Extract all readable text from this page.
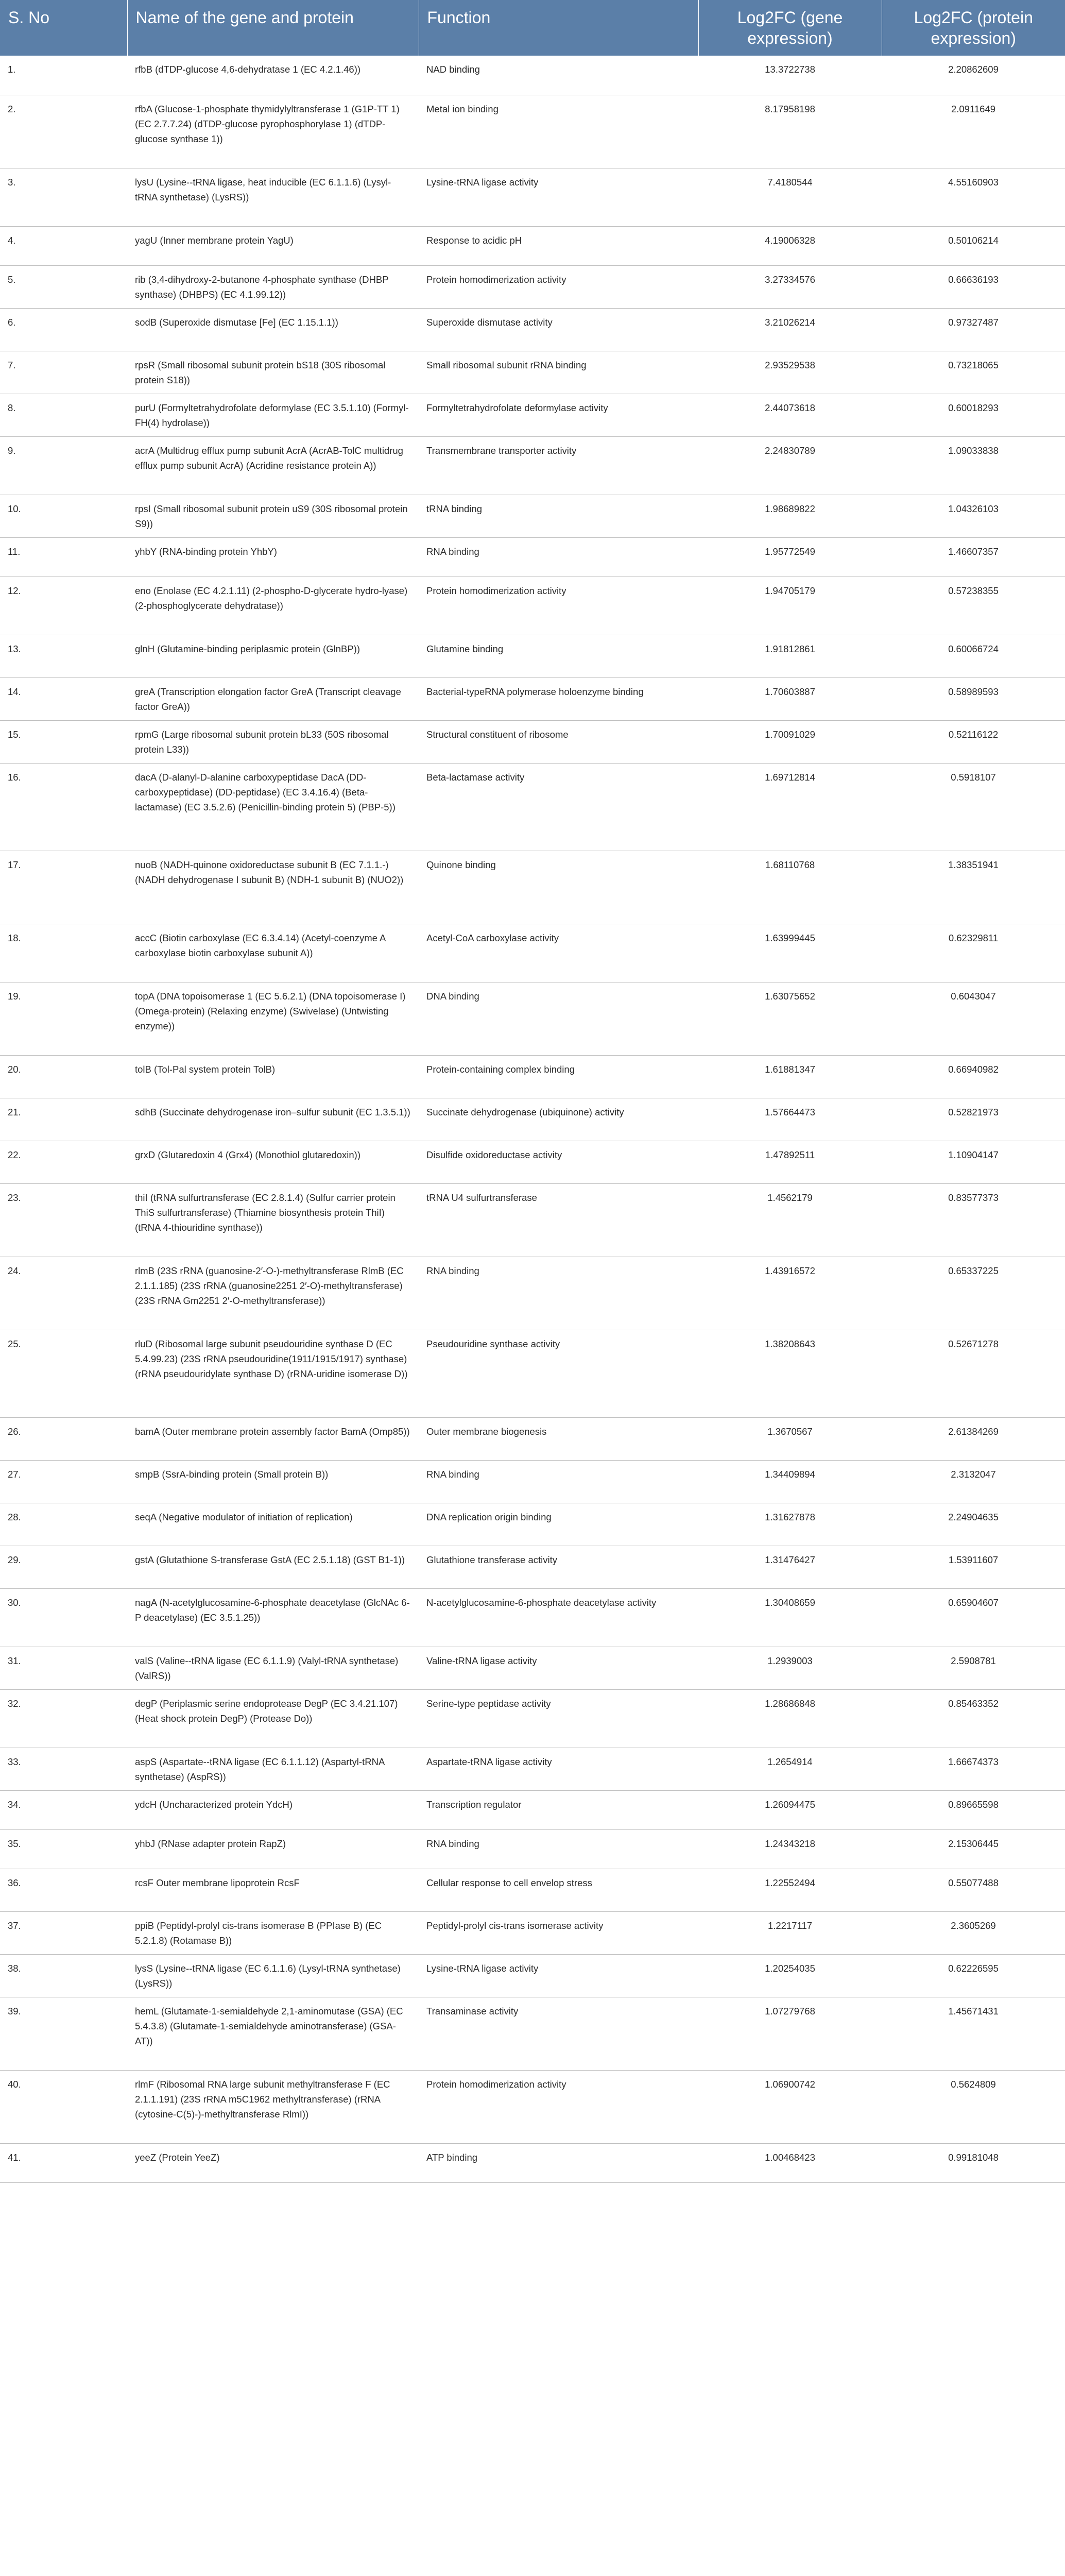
S. No	Name of the gene and protein	Function	Log2FC (gene expression)	Log2FC (protein expression)
1.	rfbB (dTDP-glucose 4,6-dehydratase 1 (EC 4.2.1.46))	NAD binding	13.3722738	2.20862609
2.	rfbA (Glucose-1-phosphate thymidylyltransferase 1 (G1P-TT 1) (EC 2.7.7.24) (dTDP-glucose pyrophosphorylase 1) (dTDP-glucose synthase 1))	Metal ion binding	8.17958198	2.0911649
3.	lysU (Lysine--tRNA ligase, heat inducible (EC 6.1.1.6) (Lysyl-tRNA synthetase) (LysRS))	Lysine-tRNA ligase activity	7.4180544	4.55160903
4.	yagU (Inner membrane protein YagU)	Response to acidic pH	4.19006328	0.50106214
5.	rib (3,4-dihydroxy-2-butanone 4-phosphate synthase (DHBP synthase) (DHBPS) (EC 4.1.99.12))	Protein homodimerization activity	3.27334576	0.66636193
6.	sodB (Superoxide dismutase [Fe] (EC 1.15.1.1))	Superoxide dismutase activity	3.21026214	0.97327487
7.	rpsR (Small ribosomal subunit protein bS18 (30S ribosomal protein S18))	Small ribosomal subunit rRNA binding	2.93529538	0.73218065
8.	purU (Formyltetrahydrofolate deformylase (EC 3.5.1.10) (Formyl-FH(4) hydrolase))	Formyltetrahydrofolate deformylase activity	2.44073618	0.60018293
9.	acrA (Multidrug efflux pump subunit AcrA (AcrAB-TolC multidrug efflux pump subunit AcrA) (Acridine resistance protein A))	Transmembrane transporter activity	2.24830789	1.09033838
10.	rpsI (Small ribosomal subunit protein uS9 (30S ribosomal protein S9))	tRNA binding	1.98689822	1.04326103
11.	yhbY (RNA-binding protein YhbY)	RNA binding	1.95772549	1.46607357
12.	eno (Enolase (EC 4.2.1.11) (2-phospho-D-glycerate hydro-lyase) (2-phosphoglycerate dehydratase))	Protein homodimerization activity	1.94705179	0.57238355
13.	glnH (Glutamine-binding periplasmic protein (GlnBP))	Glutamine binding	1.91812861	0.60066724
14.	greA (Transcription elongation factor GreA (Transcript cleavage factor GreA))	Bacterial-typeRNA polymerase holoenzyme binding	1.70603887	0.58989593
15.	rpmG (Large ribosomal subunit protein bL33 (50S ribosomal protein L33))	Structural constituent of ribosome	1.70091029	0.52116122
16.	dacA (D-alanyl-D-alanine carboxypeptidase DacA (DD-carboxypeptidase) (DD-peptidase) (EC 3.4.16.4) (Beta-lactamase) (EC 3.5.2.6) (Penicillin-binding protein 5) (PBP-5))	Beta-lactamase activity	1.69712814	0.5918107
17.	nuoB (NADH-quinone oxidoreductase subunit B (EC 7.1.1.-) (NADH dehydrogenase I subunit B) (NDH-1 subunit B) (NUO2))	Quinone binding	1.68110768	1.38351941
18.	accC (Biotin carboxylase (EC 6.3.4.14) (Acetyl-coenzyme A carboxylase biotin carboxylase subunit A))	Acetyl-CoA carboxylase activity	1.63999445	0.62329811
19.	topA (DNA topoisomerase 1 (EC 5.6.2.1) (DNA topoisomerase I) (Omega-protein) (Relaxing enzyme) (Swivelase) (Untwisting enzyme))	DNA binding	1.63075652	0.6043047
20.	tolB (Tol-Pal system protein TolB)	Protein-containing complex binding	1.61881347	0.66940982
21.	sdhB (Succinate dehydrogenase iron–sulfur subunit (EC 1.3.5.1))	Succinate dehydrogenase (ubiquinone) activity	1.57664473	0.52821973
22.	grxD (Glutaredoxin 4 (Grx4) (Monothiol glutaredoxin))	Disulfide oxidoreductase activity	1.47892511	1.10904147
23.	thiI (tRNA sulfurtransferase (EC 2.8.1.4) (Sulfur carrier protein ThiS sulfurtransferase) (Thiamine biosynthesis protein ThiI) (tRNA 4-thiouridine synthase))	tRNA U4 sulfurtransferase	1.4562179	0.83577373
24.	rlmB (23S rRNA (guanosine-2′-O-)-methyltransferase RlmB (EC 2.1.1.185) (23S rRNA (guanosine2251 2′-O)-methyltransferase) (23S rRNA Gm2251 2′-O-methyltransferase))	RNA binding	1.43916572	0.65337225
25.	rluD (Ribosomal large subunit pseudouridine synthase D (EC 5.4.99.23) (23S rRNA pseudouridine(1911/1915/1917) synthase) (rRNA pseudouridylate synthase D) (rRNA-uridine isomerase D))	Pseudouridine synthase activity	1.38208643	0.52671278
26.	bamA (Outer membrane protein assembly factor BamA (Omp85))	Outer membrane biogenesis	1.3670567	2.61384269
27.	smpB (SsrA-binding protein (Small protein B))	RNA binding	1.34409894	2.3132047
28.	seqA (Negative modulator of initiation of replication)	DNA replication origin binding	1.31627878	2.24904635
29.	gstA (Glutathione S-transferase GstA (EC 2.5.1.18) (GST B1-1))	Glutathione transferase activity	1.31476427	1.53911607
30.	nagA (N-acetylglucosamine-6-phosphate deacetylase (GlcNAc 6-P deacetylase) (EC 3.5.1.25))	N-acetylglucosamine-6-phosphate deacetylase activity	1.30408659	0.65904607
31.	valS (Valine--tRNA ligase (EC 6.1.1.9) (Valyl-tRNA synthetase) (ValRS))	Valine-tRNA ligase activity	1.2939003	2.5908781
32.	degP (Periplasmic serine endoprotease DegP (EC 3.4.21.107) (Heat shock protein DegP) (Protease Do))	Serine-type peptidase activity	1.28686848	0.85463352
33.	aspS (Aspartate--tRNA ligase (EC 6.1.1.12) (Aspartyl-tRNA synthetase) (AspRS))	Aspartate-tRNA ligase activity	1.2654914	1.66674373
34.	ydcH (Uncharacterized protein YdcH)	Transcription regulator	1.26094475	0.89665598
35.	yhbJ (RNase adapter protein RapZ)	RNA binding	1.24343218	2.15306445
36.	rcsF Outer membrane lipoprotein RcsF	Cellular response to cell envelop stress	1.22552494	0.55077488
37.	ppiB (Peptidyl-prolyl cis-trans isomerase B (PPIase B) (EC 5.2.1.8) (Rotamase B))	Peptidyl-prolyl cis-trans isomerase activity	1.2217117	2.3605269
38.	lysS (Lysine--tRNA ligase (EC 6.1.1.6) (Lysyl-tRNA synthetase) (LysRS))	Lysine-tRNA ligase activity	1.20254035	0.62226595
39.	hemL (Glutamate-1-semialdehyde 2,1-aminomutase (GSA) (EC 5.4.3.8) (Glutamate-1-semialdehyde aminotransferase) (GSA-AT))	Transaminase activity	1.07279768	1.45671431
40.	rlmF (Ribosomal RNA large subunit methyltransferase F (EC 2.1.1.191) (23S rRNA m5C1962 methyltransferase) (rRNA (cytosine-C(5)-)-methyltransferase RlmI))	Protein homodimerization activity	1.06900742	0.5624809
41.	yeeZ (Protein YeeZ)	ATP binding	1.00468423	0.99181048
